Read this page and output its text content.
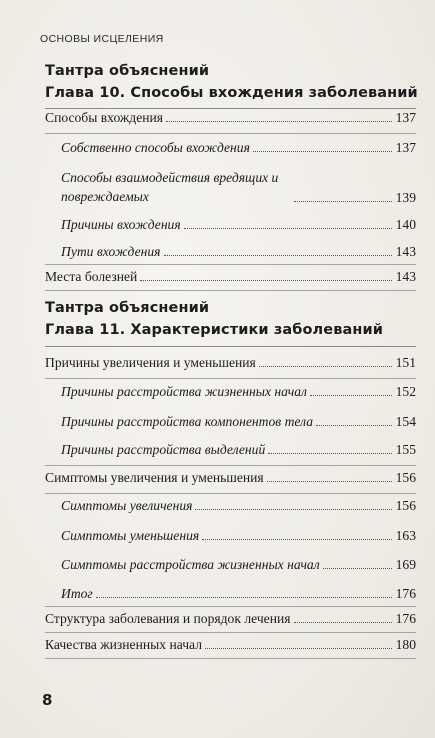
ОСНОВЫ ИСЦЕЛЕНИЯ
Тантра объяснений
Глава 10. Способы вхождения заболеваний
Способы вхождения	137
Собственно способы вхождения	137
Способы взаимодействия вредящих и повреждаемых	139
Причины вхождения	140
Пути вхождения	143
Места болезней	143
Тантра объяснений
Глава 11. Характеристики заболеваний
Причины увеличения и уменьшения	151
Причины расстройства жизненных начал	152
Причины расстройства компонентов тела	154
Причины расстройства выделений	155
Симптомы увеличения и уменьшения	156
Симптомы увеличения	156
Симптомы уменьшения	163
Симптомы расстройства жизненных начал	169
Итог	176
Структура заболевания и порядок лечения	176
Качества жизненных начал	180
8
